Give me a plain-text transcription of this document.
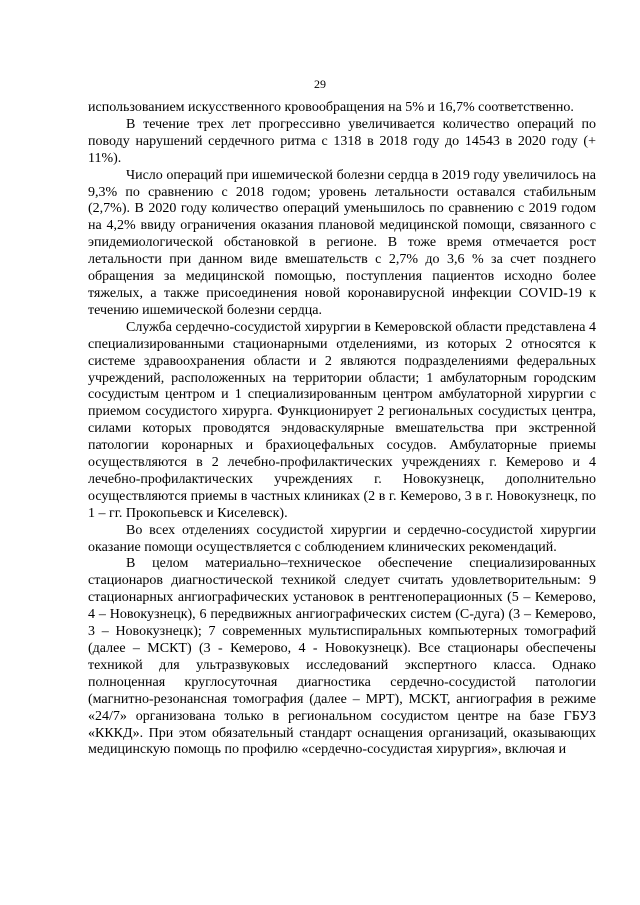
29

использованием искусственного кровообращения на 5% и 16,7% соответственно.

В течение трех лет прогрессивно увеличивается количество операций по поводу нарушений сердечного ритма с 1318 в 2018 году до 14543 в 2020 году (+ 11%).

Число операций при ишемической болезни сердца в 2019 году увеличилось на 9,3% по сравнению с 2018 годом; уровень летальности оставался стабильным (2,7%). В 2020 году количество операций уменьшилось по сравнению с 2019 годом на 4,2% ввиду ограничения оказания плановой медицинской помощи, связанного с эпидемиологической обстановкой в регионе. В тоже время отмечается рост летальности при данном виде вмешательств с 2,7% до 3,6 % за счет позднего обращения за медицинской помощью, поступления пациентов исходно более тяжелых, а также присоединения новой коронавирусной инфекции COVID-19 к течению ишемической болезни сердца.

Служба сердечно-сосудистой хирургии в Кемеровской области представлена 4 специализированными стационарными отделениями, из которых 2 относятся к системе здравоохранения области и 2 являются подразделениями федеральных учреждений, расположенных на территории области; 1 амбулаторным городским сосудистым центром и 1 специализированным центром амбулаторной хирургии с приемом сосудистого хирурга. Функционирует 2 региональных сосудистых центра, силами которых проводятся эндоваскулярные вмешательства при экстренной патологии коронарных и брахиоцефальных сосудов. Амбулаторные приемы осуществляются в 2 лечебно-профилактических учреждениях г. Кемерово и 4 лечебно-профилактических учреждениях г. Новокузнецк, дополнительно осуществляются приемы в частных клиниках (2 в г. Кемерово, 3 в г. Новокузнецк, по 1 – гг. Прокопьевск и Киселевск).

Во всех отделениях сосудистой хирургии и сердечно-сосудистой хирургии оказание помощи осуществляется с соблюдением клинических рекомендаций.

В целом материально–техническое обеспечение специализированных стационаров диагностической техникой следует считать удовлетворительным: 9 стационарных ангиографических установок в рентгеноперационных (5 – Кемерово, 4 – Новокузнецк), 6 передвижных ангиографических систем (С-дуга) (3 – Кемерово, 3 – Новокузнецк); 7 современных мультиспиральных компьютерных томографий (далее – МСКТ) (3 - Кемерово, 4 - Новокузнецк). Все стационары обеспечены техникой для ультразвуковых исследований экспертного класса. Однако полноценная круглосуточная диагностика сердечно-сосудистой патологии (магнитно-резонансная томография (далее – МРТ), МСКТ, ангиография в режиме «24/7» организована только в региональном сосудистом центре на базе ГБУЗ «КККД». При этом обязательный стандарт оснащения организаций, оказывающих медицинскую помощь по профилю «сердечно-сосудистая хирургия», включая и
